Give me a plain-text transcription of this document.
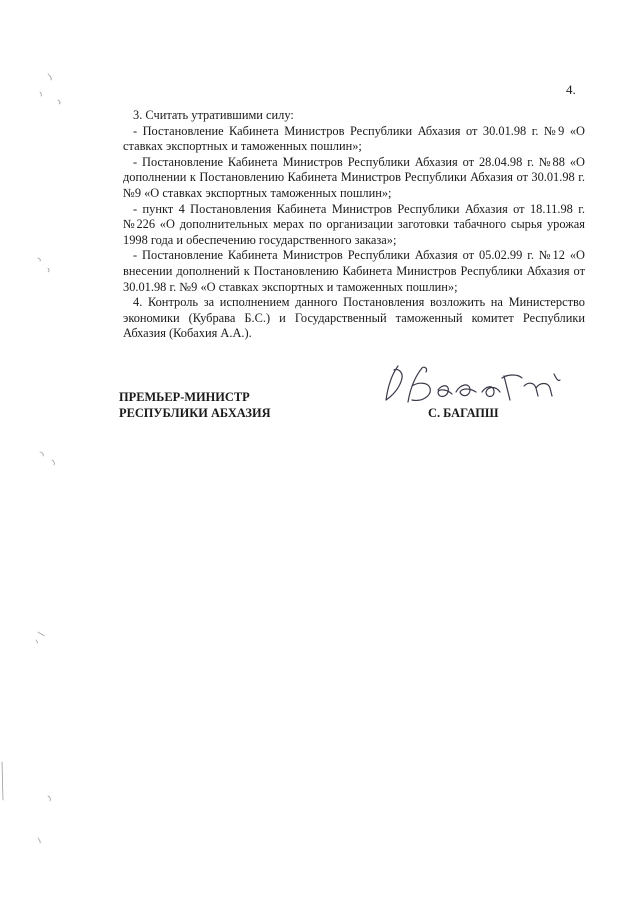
4.

3. Считать утратившими силу:

- Постановление Кабинета Министров Республики Абхазия от 30.01.98 г. №9 «О ставках экспортных и таможенных пошлин»;

- Постановление Кабинета Министров Республики Абхазия от 28.04.98 г. №88 «О дополнении к Постановлению Кабинета Министров Республики Абхазия от 30.01.98 г. №9 «О ставках экспортных таможенных пошлин»;

- пункт 4 Постановления Кабинета Министров Республики Абхазия от 18.11.98 г. №226 «О дополнительных мерах по организации заготовки табачного сырья урожая 1998 года и обеспечению государственного заказа»;

- Постановление Кабинета Министров Республики Абхазия от 05.02.99 г. №12 «О внесении дополнений к Постановлению Кабинета Министров Республики Абхазия от 30.01.98 г. №9 «О ставках экспортных и таможенных пошлин»;

4. Контроль за исполнением данного Постановления возложить на Министерство экономики (Кубрава Б.С.) и Государственный таможенный комитет Республики Абхазия (Кобахия А.А.).

ПРЕМЬЕР-МИНИСТР
РЕСПУБЛИКИ АБХАЗИЯ	С. БАГАПШ
